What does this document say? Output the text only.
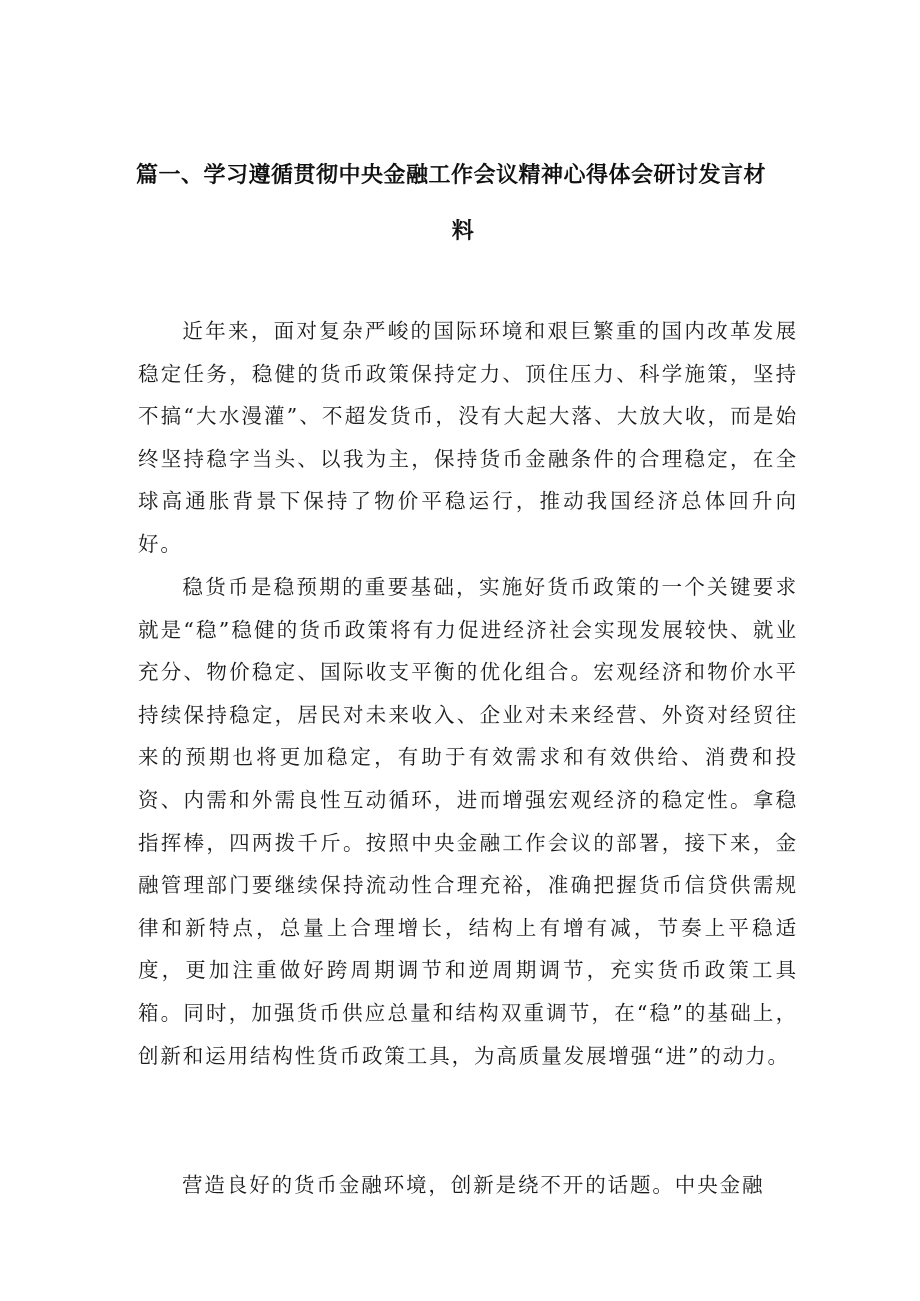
篇一、学习遵循贯彻中央金融工作会议精神心得体会研讨发言材
料

近年来，面对复杂严峻的国际环境和艰巨繁重的国内改革发展稳定任务，稳健的货币政策保持定力、顶住压力、科学施策，坚持不搞“大水漫灌”、不超发货币，没有大起大落、大放大收，而是始终坚持稳字当头、以我为主，保持货币金融条件的合理稳定，在全球高通胀背景下保持了物价平稳运行，推动我国经济总体回升向好。

稳货币是稳预期的重要基础，实施好货币政策的一个关键要求就是“稳”稳健的货币政策将有力促进经济社会实现发展较快、就业充分、物价稳定、国际收支平衡的优化组合。宏观经济和物价水平持续保持稳定，居民对未来收入、企业对未来经营、外资对经贸往来的预期也将更加稳定，有助于有效需求和有效供给、消费和投资、内需和外需良性互动循环，进而增强宏观经济的稳定性。拿稳指挥棒，四两拨千斤。按照中央金融工作会议的部署，接下来，金融管理部门要继续保持流动性合理充裕，准确把握货币信贷供需规律和新特点，总量上合理增长，结构上有增有减，节奏上平稳适度，更加注重做好跨周期调节和逆周期调节，充实货币政策工具箱。同时，加强货币供应总量和结构双重调节，在“稳”的基础上，创新和运用结构性货币政策工具，为高质量发展增强“进”的动力。

营造良好的货币金融环境，创新是绕不开的话题。中央金融
